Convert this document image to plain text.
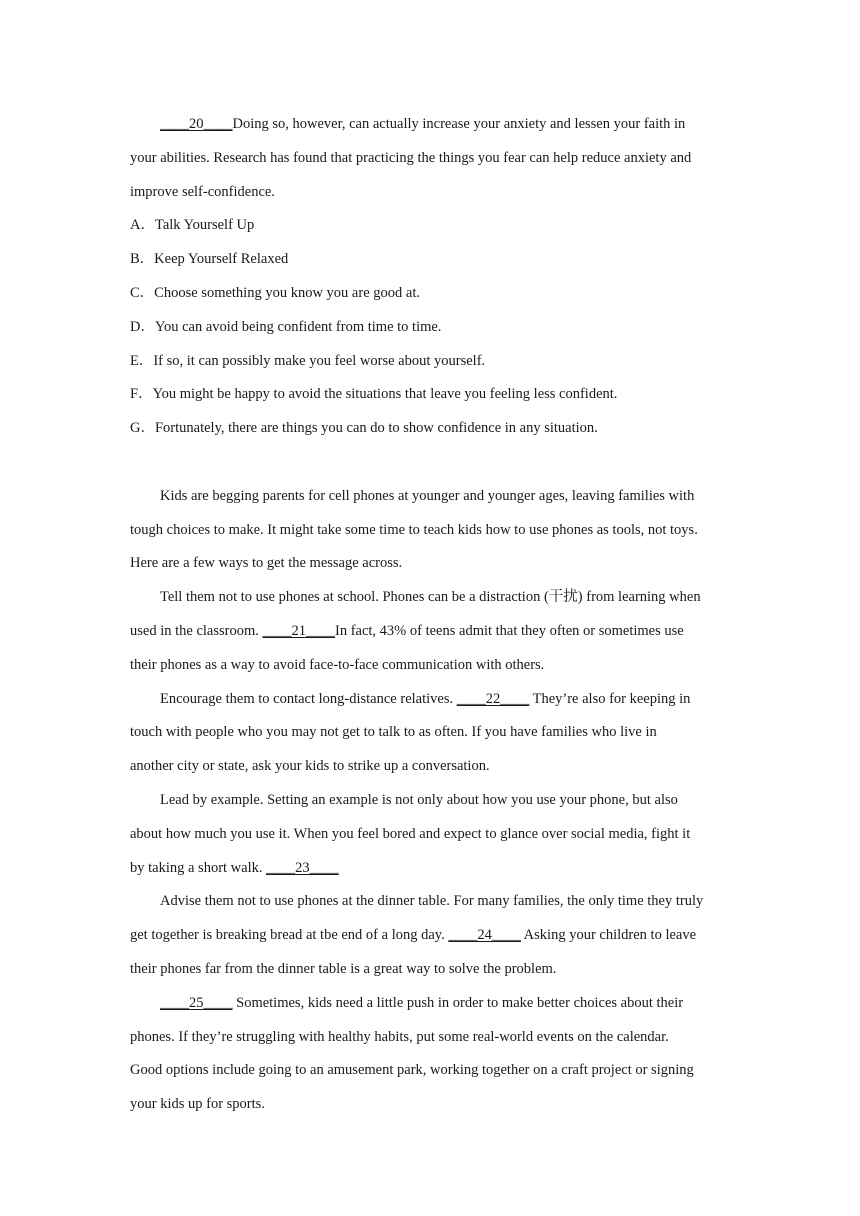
____20____Doing so, however, can actually increase your anxiety and lessen your faith in
your abilities. Research has found that practicing the things you fear can help reduce anxiety and
improve self-confidence.
A．Talk Yourself Up
B．Keep Yourself Relaxed
C．Choose something you know you are good at.
D．You can avoid being confident from time to time.
E．If so, it can possibly make you feel worse about yourself.
F．You might be happy to avoid the situations that leave you feeling less confident.
G．Fortunately, there are things you can do to show confidence in any situation.
Kids are begging parents for cell phones at younger and younger ages, leaving families with
tough choices to make. It might take some time to teach kids how to use phones as tools, not toys.
Here are a few ways to get the message across.
Tell them not to use phones at school. Phones can be a distraction (干扰) from learning when
used in the classroom. ____21____In fact, 43% of teens admit that they often or sometimes use
their phones as a way to avoid face-to-face communication with others.
Encourage them to contact long-distance relatives. ____22____ They’re also for keeping in
touch with people who you may not get to talk to as often. If you have families who live in
another city or state, ask your kids to strike up a conversation.
Lead by example. Setting an example is not only about how you use your phone, but also
about how much you use it. When you feel bored and expect to glance over social media, fight it
by taking a short walk. ____23____
Advise them not to use phones at the dinner table. For many families, the only time they truly
get together is breaking bread at tbe end of a long day. ____24____ Asking your children to leave
their phones far from the dinner table is a great way to solve the problem.
____25____ Sometimes, kids need a little push in order to make better choices about their
phones. If they’re struggling with healthy habits, put some real-world events on the calendar.
Good options include going to an amusement park, working together on a craft project or signing
your kids up for sports.
